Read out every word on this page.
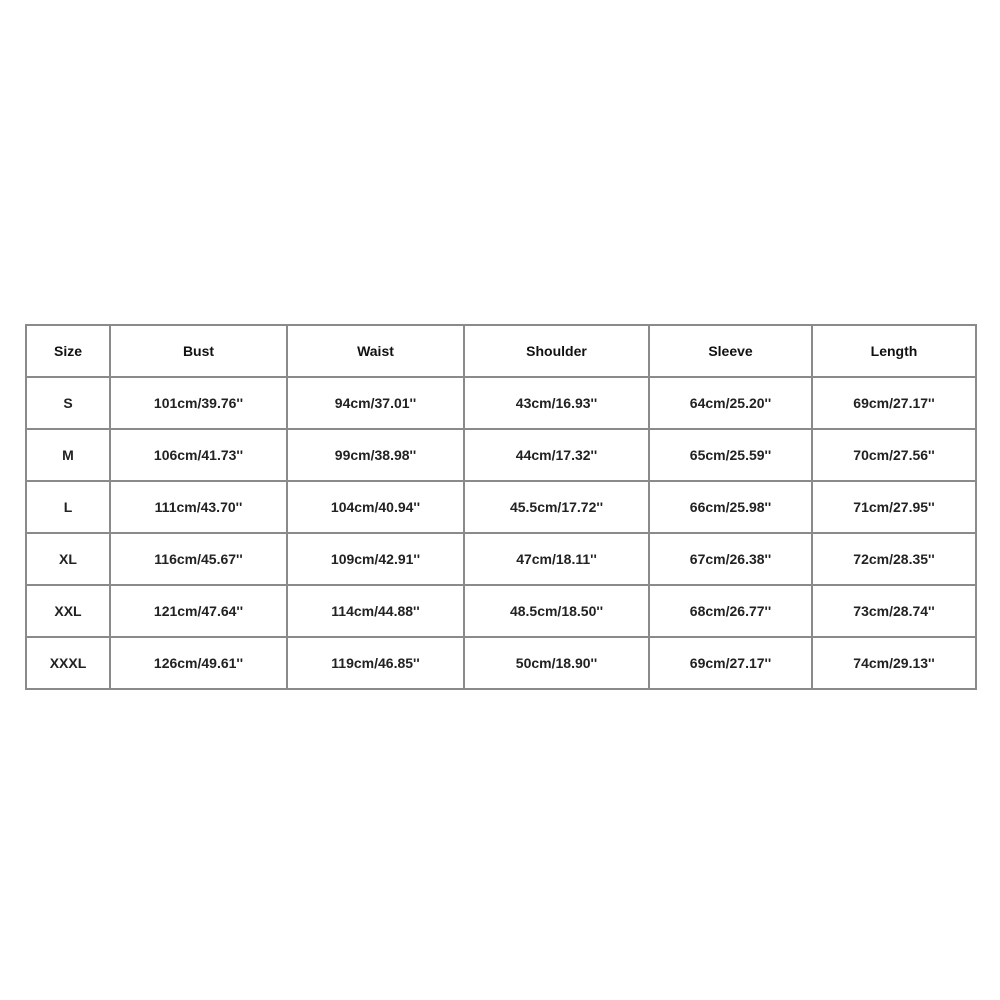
Size	Bust	Waist	Shoulder	Sleeve	Length
S	101cm/39.76''	94cm/37.01''	43cm/16.93''	64cm/25.20''	69cm/27.17''
M	106cm/41.73''	99cm/38.98''	44cm/17.32''	65cm/25.59''	70cm/27.56''
L	111cm/43.70''	104cm/40.94''	45.5cm/17.72''	66cm/25.98''	71cm/27.95''
XL	116cm/45.67''	109cm/42.91''	47cm/18.11''	67cm/26.38''	72cm/28.35''
XXL	121cm/47.64''	114cm/44.88''	48.5cm/18.50''	68cm/26.77''	73cm/28.74''
XXXL	126cm/49.61''	119cm/46.85''	50cm/18.90''	69cm/27.17''	74cm/29.13''
